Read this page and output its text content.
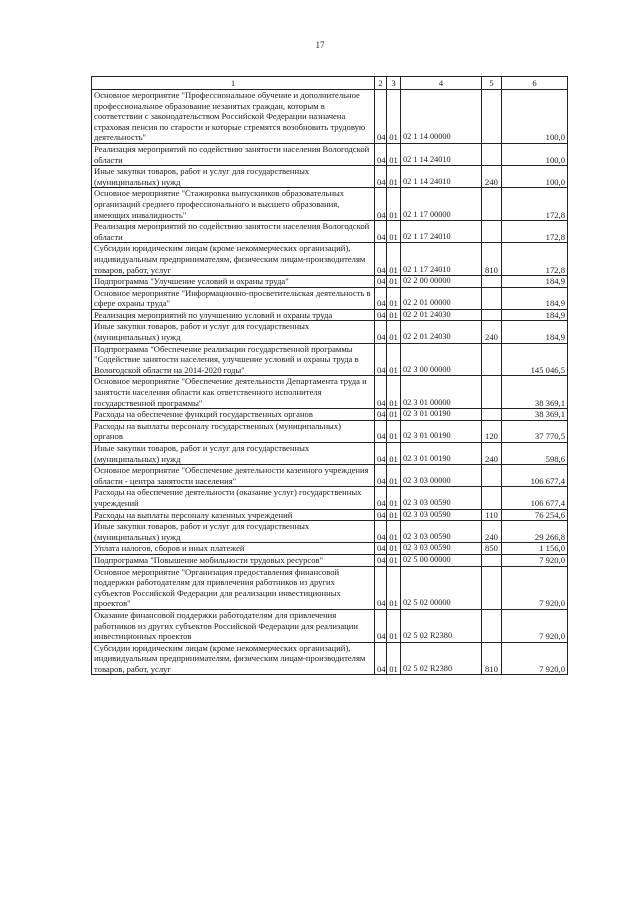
17
1	2	3	4	5	6
Основное мероприятие "Профессиональное обучение и дополнительное профессиональное образование незанятых граждан, которым в соответствии с законодательством Российской Федерации назначена страховая пенсия по старости и которые стремятся возобновить трудовую деятельность"	04	01	02 1 14 00000		100,0
Реализация мероприятий по содействию занятости населения Вологодской области	04	01	02 1 14 24010		100,0
Иные закупки товаров, работ и услуг для государственных (муниципальных) нужд	04	01	02 1 14 24010	240	100,0
Основное мероприятие "Стажировка выпускников образовательных организаций среднего профессионального и высшего образования, имеющих инвалидность"	04	01	02 1 17 00000		172,8
Реализация мероприятий по содействию занятости населения Вологодской области	04	01	02 1 17 24010		172,8
Субсидии юридическим лицам (кроме некоммерческих организаций), индивидуальным предпринимателям, физическим лицам-производителям товаров, работ, услуг	04	01	02 1 17 24010	810	172,8
Подпрограмма "Улучшение условий и охраны труда"	04	01	02 2 00 00000		184,9
Основное мероприятие "Информационно-просветительская деятельность в сфере охраны труда"	04	01	02 2 01 00000		184,9
Реализация мероприятий по улучшению условий и охраны труда	04	01	02 2 01 24030		184,9
Иные закупки товаров, работ и услуг для государственных (муниципальных) нужд	04	01	02 2 01 24030	240	184,9
Подпрограмма "Обеспечение реализации государственной программы "Содействие занятости населения, улучшение условий и охраны труда в Вологодской области на 2014-2020 годы"	04	01	02 3 00 00000		145 046,5
Основное мероприятие "Обеспечение деятельности Департамента труда и занятости населения области как ответственного исполнителя государственной программы"	04	01	02 3 01 00000		38 369,1
Расходы на обеспечение функций государственных органов	04	01	02 3 01 00190		38 369,1
Расходы на выплаты персоналу государственных (муниципальных) органов	04	01	02 3 01 00190	120	37 770,5
Иные закупки товаров, работ и услуг для государственных (муниципальных) нужд	04	01	02 3 01 00190	240	598,6
Основное мероприятие "Обеспечение деятельности казенного учреждения области - центра занятости населения"	04	01	02 3 03 00000		106 677,4
Расходы на обеспечение деятельности (оказание услуг) государственных учреждений	04	01	02 3 03 00590		106 677,4
Расходы на выплаты персоналу казенных учреждений	04	01	02 3 03 00590	110	76 254,6
Иные закупки товаров, работ и услуг для государственных (муниципальных) нужд	04	01	02 3 03 00590	240	29 266,8
Уплата налогов, сборов и иных платежей	04	01	02 3 03 00590	850	1 156,0
Подпрограмма "Повышение мобильности трудовых ресурсов"	04	01	02 5 00 00000		7 920,0
Основное мероприятие "Организация предоставления финансовой поддержки работодателям для привлечения работников из других субъектов Российской Федерации для реализации инвестиционных проектов"	04	01	02 5 02 00000		7 920,0
Оказание финансовой поддержки работодателям для привлечения работников из других субъектов Российской Федерации для реализации инвестиционных проектов	04	01	02 5 02 R2380		7 920,0
Субсидии юридическим лицам (кроме некоммерческих организаций), индивидуальным предпринимателям, физическим лицам-производителям товаров, работ, услуг	04	01	02 5 02 R2380	810	7 920,0
